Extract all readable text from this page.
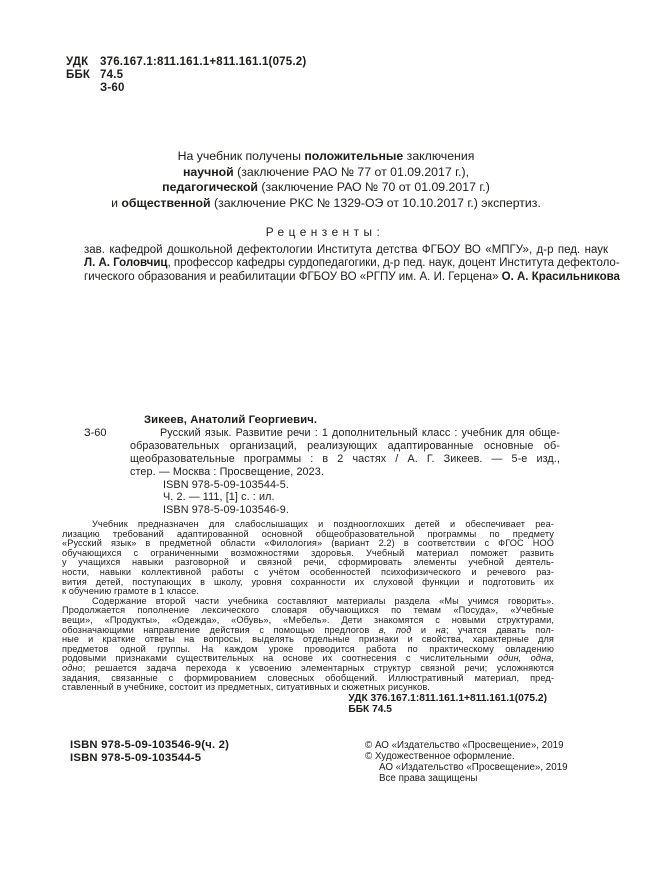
УДК	376.167.1:811.161.1+811.161.1(075.2)
ББК 74.5
З-60
На учебник получены положительные заключения
научной (заключение РАО № 77 от 01.09.2017 г.),
педагогической (заключение РАО № 70 от 01.09.2017 г.)
и общественной (заключение РКС № 1329-ОЭ от 10.10.2017 г.) экспертиз.
Рецензенты:
зав. кафедрой дошкольной дефектологии Института детства ФГБОУ ВО «МПГУ», д-р пед. наук
Л. А. Головчиц, профессор кафедры сурдопедагогики, д-р пед. наук, доцент Института дефектоло-
гического образования и реабилитации ФГБОУ ВО «РГПУ им. А. И. Герцена» О. А. Красильникова
З-60
Зикеев, Анатолий Георгиевич.
Русский язык. Развитие речи : 1 дополнительный класс : учебник для обще-
образовательных организаций, реализующих адаптированные основные об-
щеобразовательные программы : в 2 частях / А. Г. Зикеев. — 5-е изд.,
стер. — Москва : Просвещение, 2023.
ISBN 978-5-09-103544-5.
Ч. 2. — 111, [1] с. : ил.
ISBN 978-5-09-103546-9.
Учебник предназначен для слабослышащих и позднооглохших детей и обеспечивает реа-
лизацию требований адаптированной основной общеобразовательной программы по предмету
«Русский язык» в предметной области «Филология» (вариант 2.2) в соответствии с ФГОС НОО
обучающихся с ограниченными возможностями здоровья. Учебный материал поможет развить
у учащихся навыки разговорной и связной речи, сформировать элементы учебной деятель-
ности, навыки коллективной работы с учётом особенностей психофизического и речевого раз-
вития детей, поступающих в школу, уровня сохранности их слуховой функции и подготовить их
к обучению грамоте в 1 классе.
Содержание второй части учебника составляют материалы раздела «Мы учимся говорить».
Продолжается пополнение лексического словаря обучающихся по темам «Посуда», «Учебные
вещи», «Продукты», «Одежда», «Обувь», «Мебель». Дети знакомятся с новыми структурами,
обозначающими направление действия с помощью предлогов в, под и на; учатся давать пол-
ные и краткие ответы на вопросы, выделять отдельные признаки и свойства, характерные для
предметов одной группы. На каждом уроке проводится работа по практическому овладению
родовыми признаками существительных на основе их соотнесения с числительными один, одна,
одно; решается задача перехода к усвоению элементарных структур связной речи; усложняются
задания, связанные с формированием словесных обобщений. Иллюстративный материал, пред-
ставленный в учебнике, состоит из предметных, ситуативных и сюжетных рисунков.
УДК 376.167.1:811.161.1+811.161.1(075.2)
ББК 74.5
ISBN 978-5-09-103546-9(ч. 2)
ISBN 978-5-09-103544-5
© АО «Издательство «Просвещение», 2019
© Художественное оформление.
АО «Издательство «Просвещение», 2019
Все права защищены
